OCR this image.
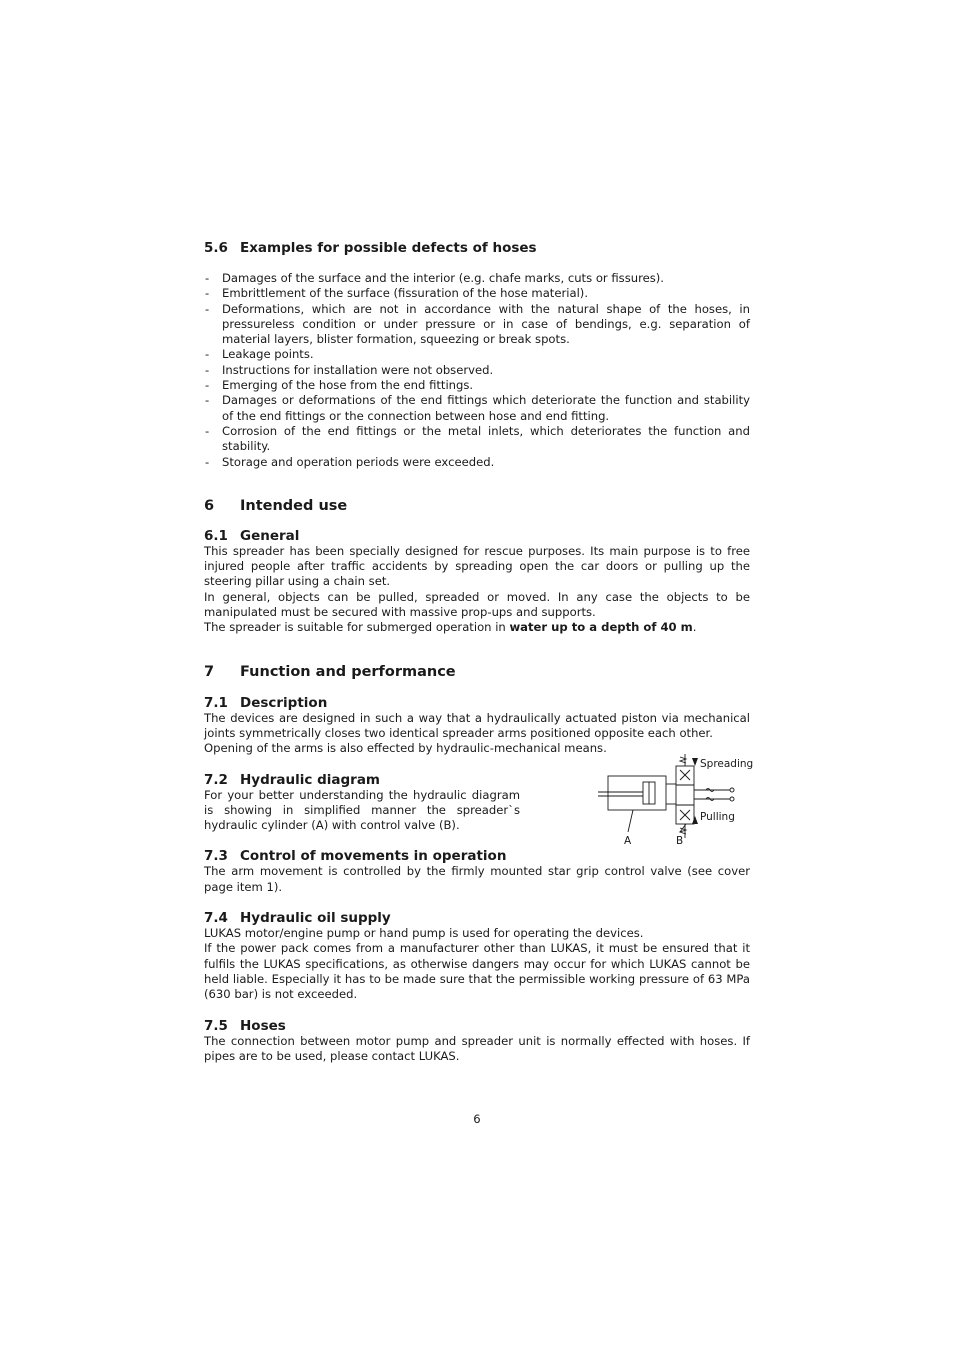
5.6 Examples for possible defects of hoses
- Damages of the surface and the interior (e.g. chafe marks, cuts or fissures).
- Embrittlement of the surface (fissuration of the hose material).
- Deformations, which are not in accordance with the natural shape of the hoses, in pressureless condition or under pressure or in case of bendings, e.g. separation of material layers, blister formation, squeezing or break spots.
- Leakage points.
- Instructions for installation were not observed.
- Emerging of the hose from the end fittings.
- Damages or deformations of the end fittings which deteriorate the function and stability of the end fittings or the connection between hose and end fitting.
- Corrosion of the end fittings or the metal inlets, which deteriorates the function and stability.
- Storage and operation periods were exceeded.
6 Intended use
6.1 General

This spreader has been specially designed for rescue purposes. Its main purpose is to free injured people after traffic accidents by spreading open the car doors or pulling up the steering pillar using a chain set.

In general, objects can be pulled, spreaded or moved. In any case the objects to be manipulated must be secured with massive prop-ups and supports.

The spreader is suitable for submerged operation in water up to a depth of 40 m.

7 Function and performance
7.1 Description

The devices are designed in such a way that a hydraulically actuated piston via mechanical joints symmetrically closes two identical spreader arms positioned opposite each other.

Opening of the arms is also effected by hydraulic-mechanical means.

7.2 Hydraulic diagram

For your better understanding the hydraulic diagram is showing in simplified manner the spreader`s hydraulic cylinder (A) with control valve (B).

Spreading
Pulling
A	B
7.3 Control of movements in operation

The arm movement is controlled by the firmly mounted star grip control valve (see cover page item 1).

7.4 Hydraulic oil supply

LUKAS motor/engine pump or hand pump is used for operating the devices.

If the power pack comes from a manufacturer other than LUKAS, it must be ensured that it fulfils the LUKAS specifications, as otherwise dangers may occur for which LUKAS cannot be held liable. Especially it has to be made sure that the permissible working pressure of 63 MPa (630 bar) is not exceeded.

7.5 Hoses

The connection between motor pump and spreader unit is normally effected with hoses. If pipes are to be used, please contact LUKAS.

6
